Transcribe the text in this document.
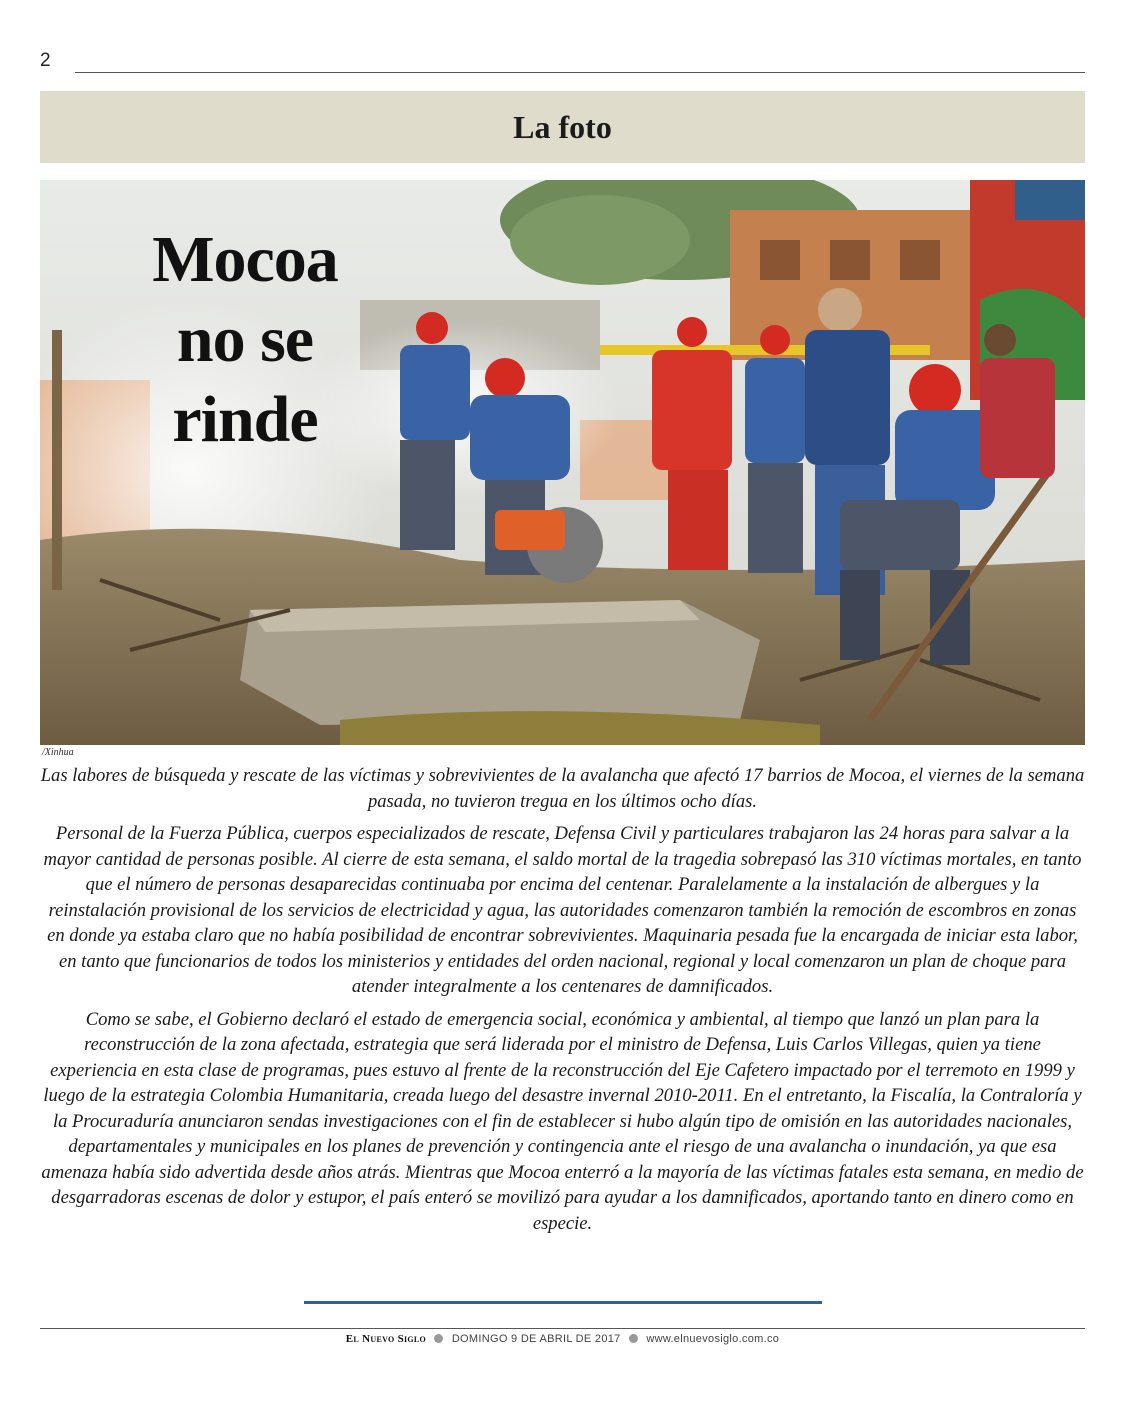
2
La foto
Mocoa
no se
rinde
/Xinhua

Las labores de búsqueda y rescate de las víctimas y sobrevivientes de la avalancha que afectó 17 barrios de Mocoa, el viernes de la semana pasada, no tuvieron tregua en los últimos ocho días.

Personal de la Fuerza Pública, cuerpos especializados de rescate, Defensa Civil y particulares trabajaron las 24 horas para salvar a la mayor cantidad de personas posible. Al cierre de esta semana, el saldo mortal de la tragedia sobrepasó las 310 víctimas mortales, en tanto que el número de personas desaparecidas continuaba por encima del centenar. Paralelamente a la instalación de albergues y la reinstalación provisional de los servicios de electricidad y agua, las autoridades comenzaron también la remoción de escombros en zonas en donde ya estaba claro que no había posibilidad de encontrar sobrevivientes. Maquinaria pesada fue la encargada de iniciar esta labor, en tanto que funcionarios de todos los ministerios y entidades del orden nacional, regional y local comenzaron un plan de choque para atender integralmente a los centenares de damnificados.

Como se sabe, el Gobierno declaró el estado de emergencia social, económica y ambiental, al tiempo que lanzó un plan para la reconstrucción de la zona afectada, estrategia que será liderada por el ministro de Defensa, Luis Carlos Villegas, quien ya tiene experiencia en esta clase de programas, pues estuvo al frente de la reconstrucción del Eje Cafetero impactado por el terremoto en 1999 y luego de la estrategia Colombia Humanitaria, creada luego del desastre invernal 2010-2011. En el entretanto, la Fiscalía, la Contraloría y la Procuraduría anunciaron sendas investigaciones con el fin de establecer si hubo algún tipo de omisión en las autoridades nacionales, departamentales y municipales en los planes de prevención y contingencia ante el riesgo de una avalancha o inundación, ya que esa amenaza había sido advertida desde años atrás. Mientras que Mocoa enterró a la mayoría de las víctimas fatales esta semana, en medio de desgarradoras escenas de dolor y estupor, el país enteró se movilizó para ayudar a los damnificados, aportando tanto en dinero como en especie.

El Nuevo Siglo DOMINGO 9 DE ABRIL DE 2017 www.elnuevosiglo.com.co
